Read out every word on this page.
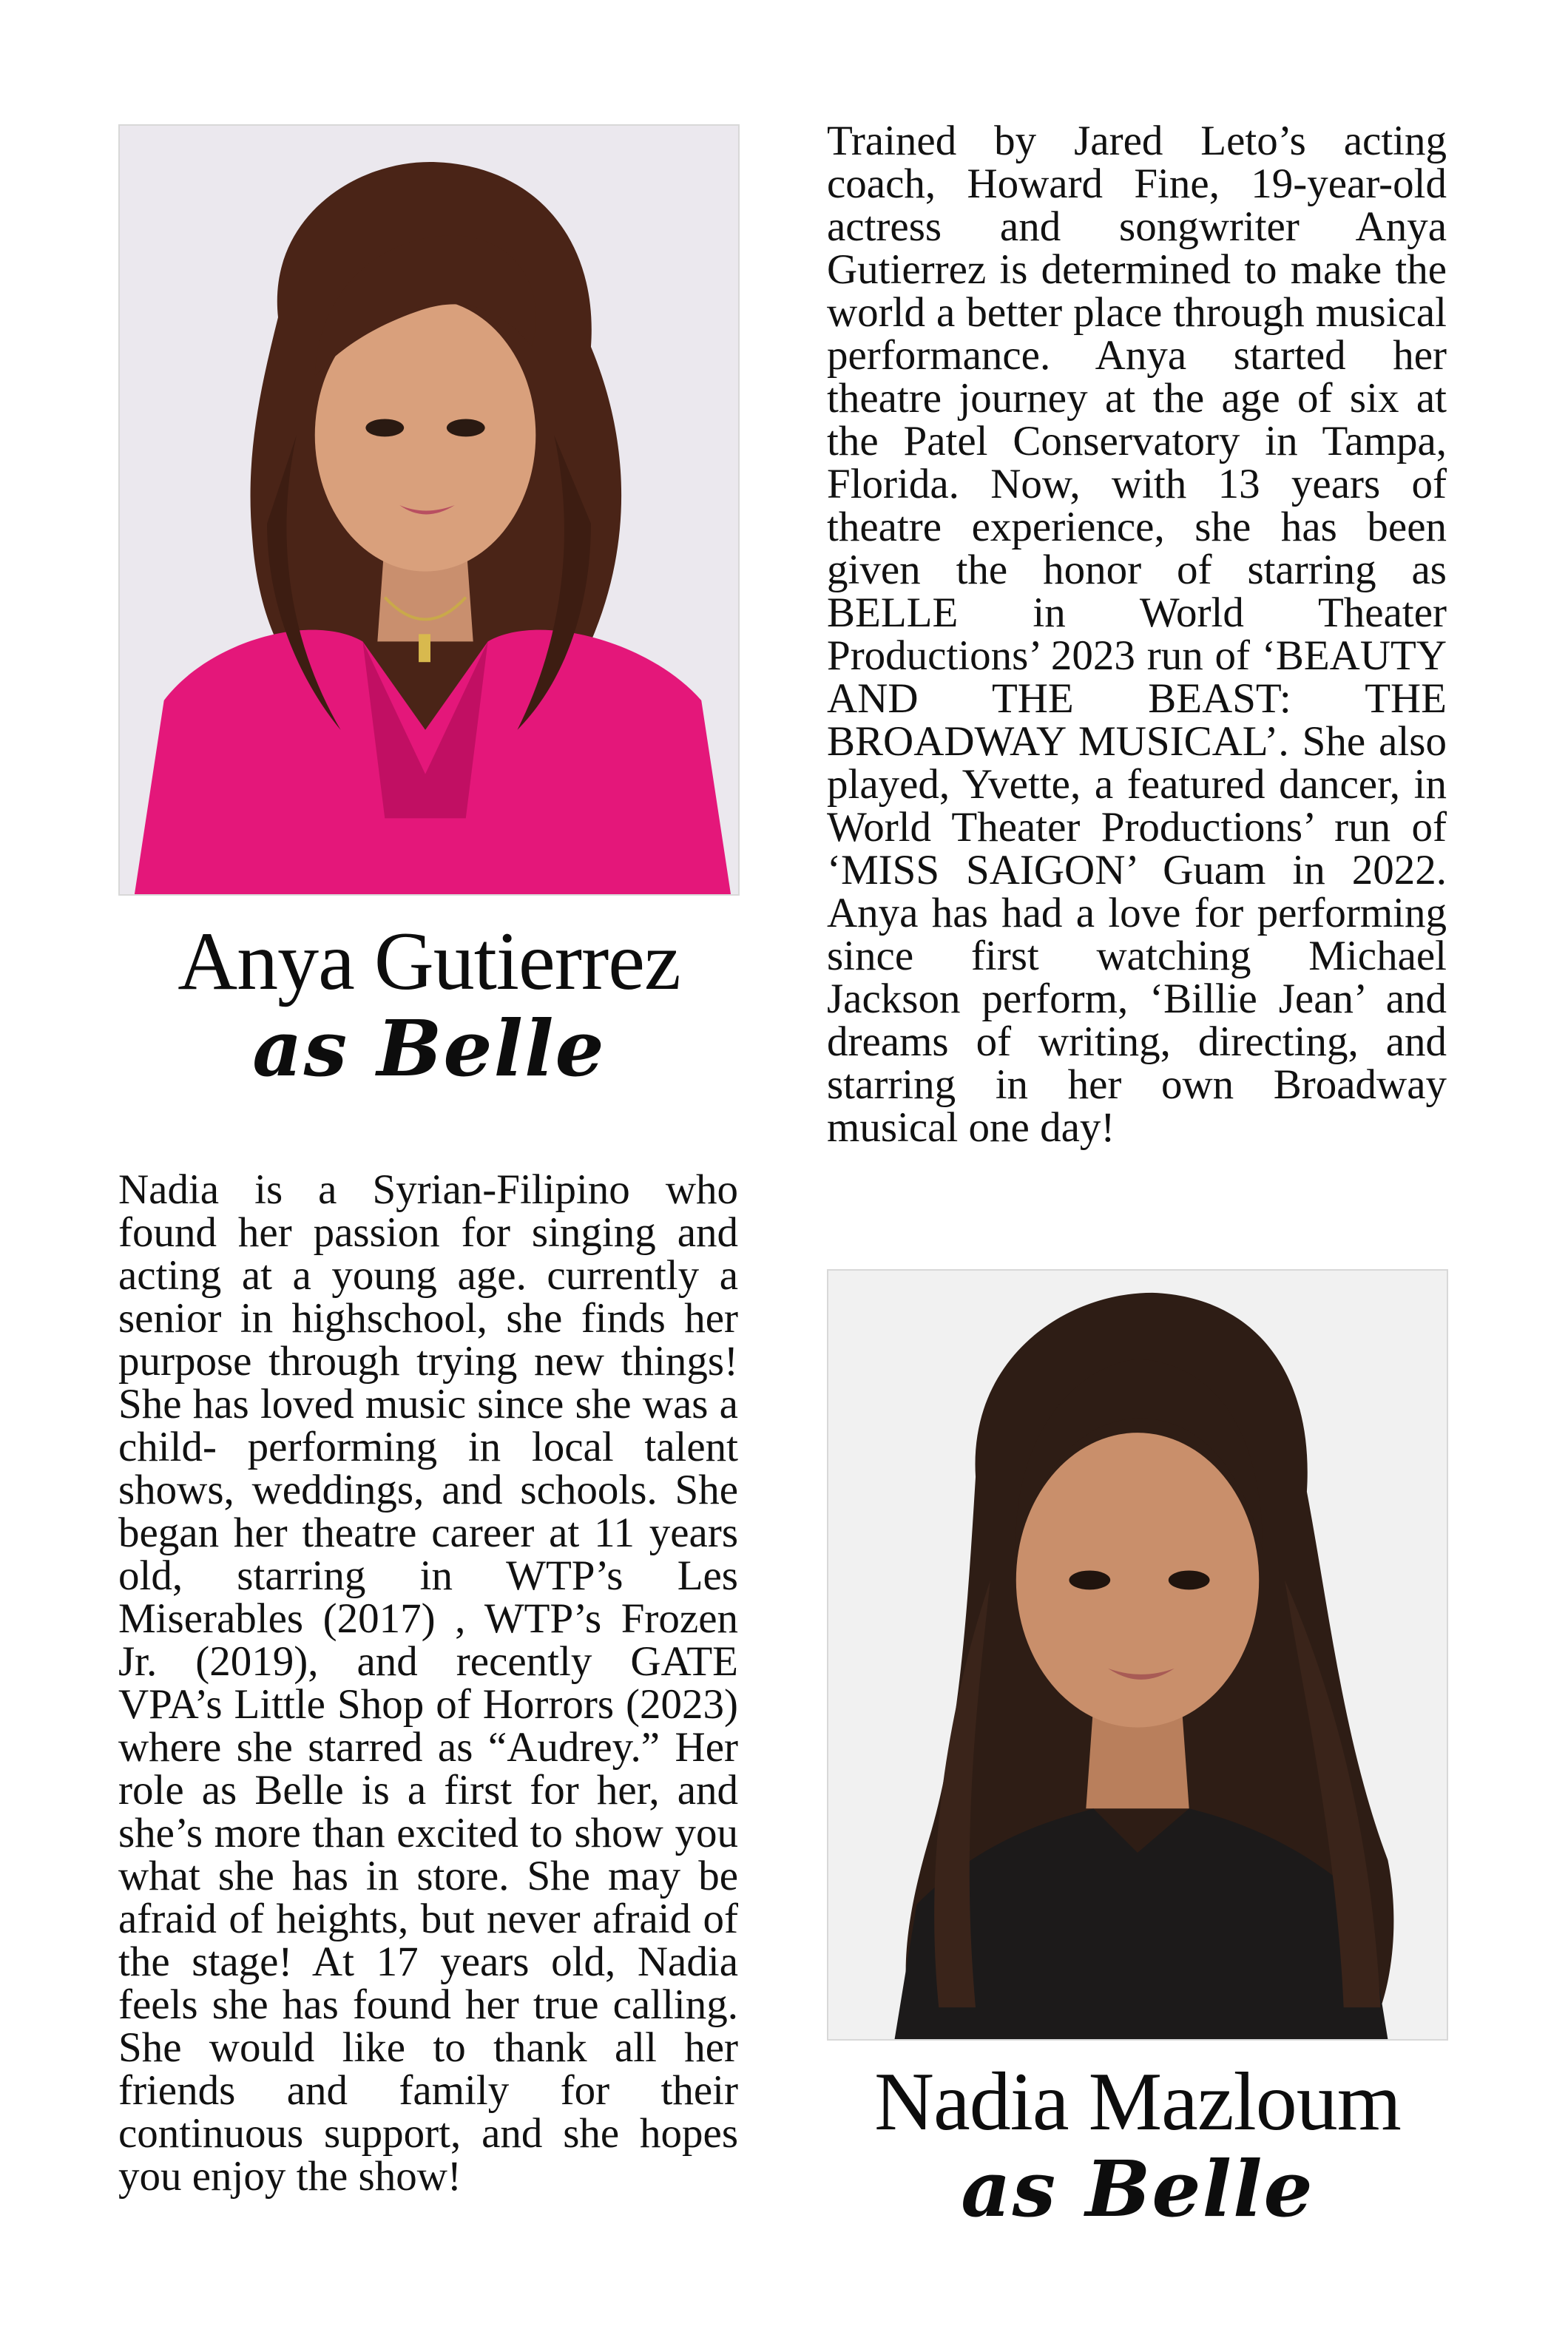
Trained by Jared Leto’s acting coach, Howard Fine, 19-year-old actress and songwriter Anya Gutierrez is determined to make the world a better place through musical performance. Anya started her theatre journey at the age of six at the Patel Conservatory in Tampa, Florida. Now, with 13 years of theatre experience, she has been given the honor of starring as BELLE in World Theater Productions’ 2023 run of ‘BEAUTY AND THE BEAST: THE BROADWAY MUSICAL’. She also played, Yvette, a featured dancer, in World Theater Productions’ run of ‘MISS SAIGON’ Guam in 2022. Anya has had a love for performing since first watching Michael Jackson perform, ‘Billie Jean’ and dreams of writing, directing, and starring in her own Broadway musical one day!

Anya Gutierrez
as Belle

Nadia is a Syrian-Filipino who found her passion for singing and acting at a young age. currently a senior in highschool, she finds her purpose through trying new things! She has loved music since she was a child- performing in local talent shows, weddings, and schools. She began her theatre career at 11 years old, starring in WTP’s Les Miserables (2017) , WTP’s Frozen Jr. (2019), and recently GATE VPA’s Little Shop of Horrors (2023) where she starred as “Audrey.” Her role as Belle is a first for her, and she’s more than excited to show you what she has in store. She may be afraid of heights, but never afraid of the stage! At 17 years old, Nadia feels she has found her true calling. She would like to thank all her friends and family for their continuous support, and she hopes you enjoy the show!

Nadia Mazloum
as Belle
